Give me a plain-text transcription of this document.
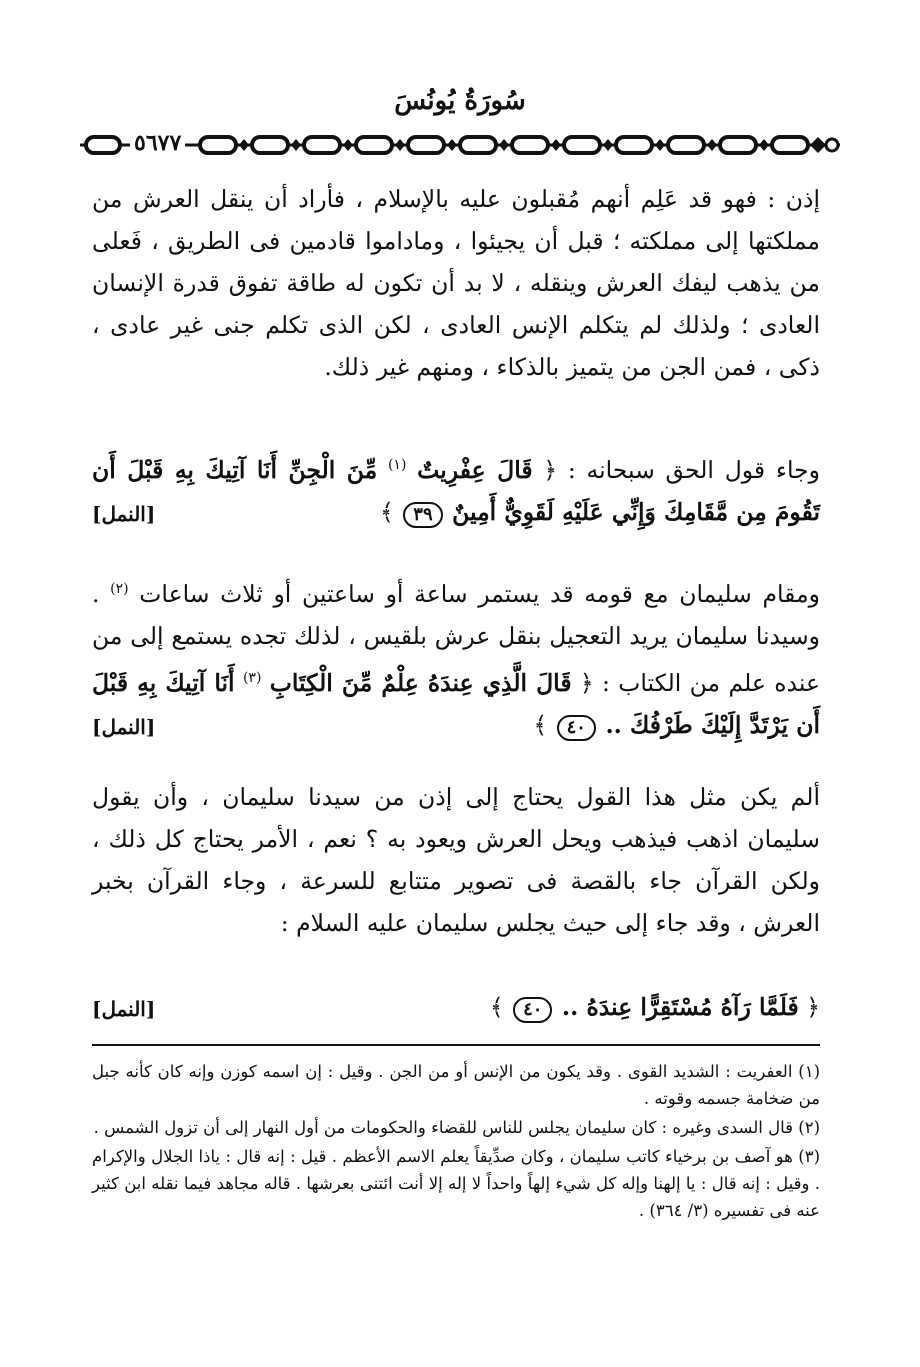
سُورَةُ يُونُسَ
٥٦٧٧

إذن : فهو قد عَلِم أنهم مُقبلون عليه بالإسلام ، فأراد أن ينقل العرش من مملكتها إلى مملكته ؛ قبل أن يجيئوا ، وماداموا قادمين فى الطريق ، فَعلى من يذهب ليفك العرش وينقله ، لا بد أن تكون له طاقة تفوق قدرة الإنسان العادى ؛ ولذلك لم يتكلم الإنس العادى ، لكن الذى تكلم جنى غير عادى ، ذكى ، فمن الجن من يتميز بالذكاء ، ومنهم غير ذلك.

وجاء قول الحق سبحانه : ﴿ قَالَ عِفْرِيتٌ $^{(١)}$ مِّنَ الْجِنِّ أَنَا آتِيكَ بِهِ قَبْلَ أَن تَقُومَ مِن مَّقَامِكَ وَإِنِّي عَلَيْهِ لَقَوِيٌّ أَمِينٌ ٣٩ ﴾
[النمل]

ومقام سليمان مع قومه قد يستمر ساعة أو ساعتين أو ثلاث ساعات $^{(٢)}$ . وسيدنا سليمان يريد التعجيل بنقل عرش بلقيس ، لذلك تجده يستمع إلى من عنده علم من الكتاب : ﴿ قَالَ الَّذِي عِندَهُ عِلْمٌ مِّنَ الْكِتَابِ $^{(٣)}$ أَنَا آتِيكَ بِهِ قَبْلَ أَن يَرْتَدَّ إِلَيْكَ طَرْفُكَ .. ٤٠ ﴾
[النمل]

ألم يكن مثل هذا القول يحتاج إلى إذن من سيدنا سليمان ، وأن يقول سليمان اذهب فيذهب ويحل العرش ويعود به ؟ نعم ، الأمر يحتاج كل ذلك ، ولكن القرآن جاء بالقصة فى تصوير متتابع للسرعة ، وجاء القرآن بخبر العرش ، وقد جاء إلى حيث يجلس سليمان عليه السلام :

﴿ فَلَمَّا رَآهُ مُسْتَقِرًّا عِندَهُ .. ٤٠ ﴾
[النمل]

(١) العفريت : الشديد القوى . وقد يكون من الإنس أو من الجن . وقيل : إن اسمه كوزن وإنه كان كأنه جبل من ضخامة جسمه وقوته .

(٢) قال السدى وغيره : كان سليمان يجلس للناس للقضاء والحكومات من أول النهار إلى أن تزول الشمس .

(٣) هو آصف بن برخياء كاتب سليمان ، وكان صدِّيقاً يعلم الاسم الأعظم . قيل : إنه قال : ياذا الجلال والإكرام . وقيل : إنه قال : يا إلهنا وإله كل شيء إلهاً واحداً لا إله إلا أنت ائتنى بعرشها . قاله مجاهد فيما نقله ابن كثير عنه فى تفسيره (٣/ ٣٦٤) .
